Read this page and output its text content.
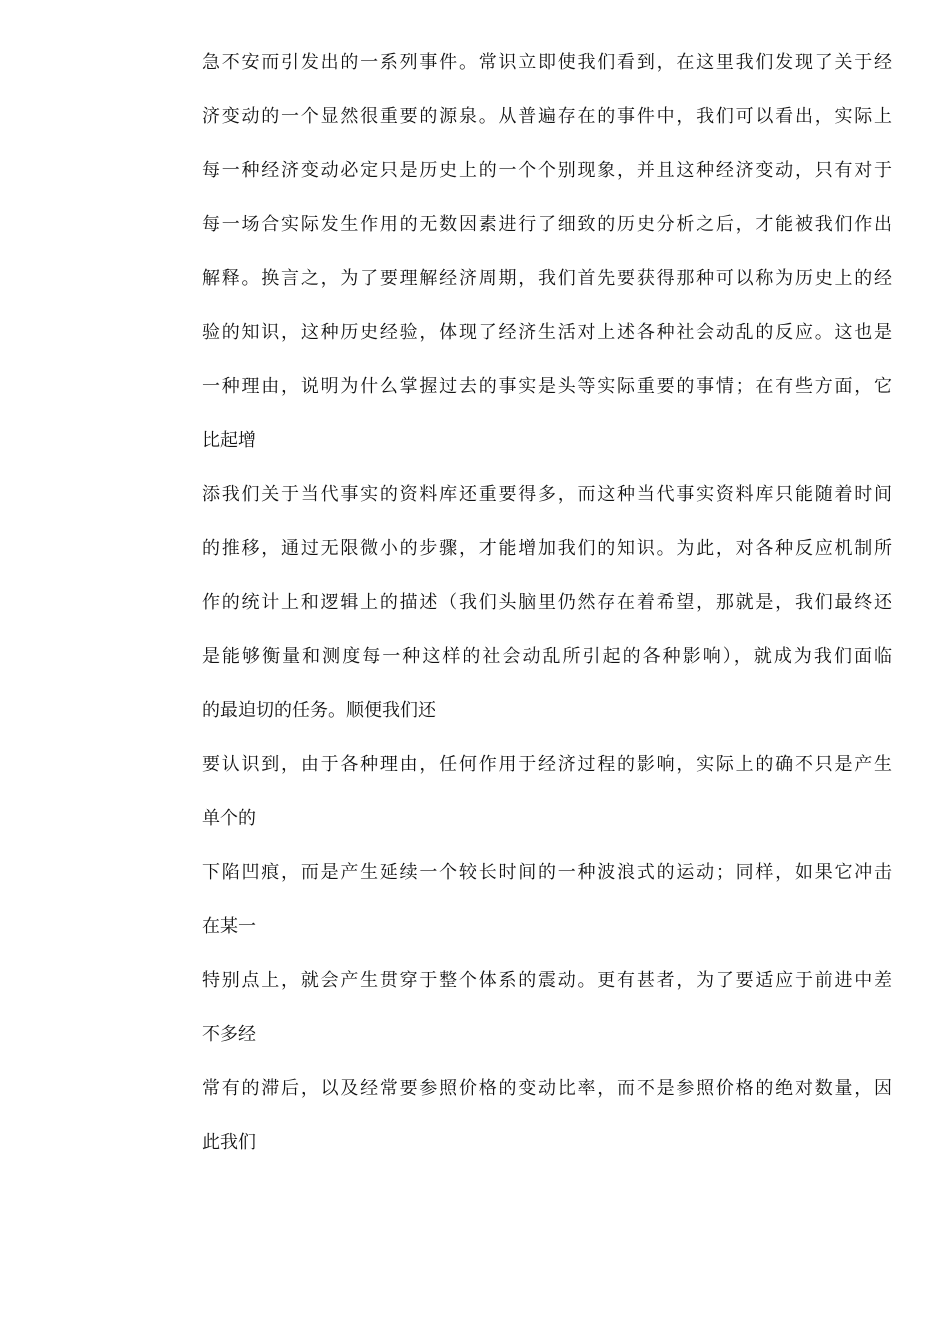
急不安而引发出的一系列事件。常识立即使我们看到，在这里我们发现了关于经
济变动的一个显然很重要的源泉。从普遍存在的事件中，我们可以看出，实际上
每一种经济变动必定只是历史上的一个个别现象，并且这种经济变动，只有对于
每一场合实际发生作用的无数因素进行了细致的历史分析之后，才能被我们作出
解释。换言之，为了要理解经济周期，我们首先要获得那种可以称为历史上的经
验的知识，这种历史经验，体现了经济生活对上述各种社会动乱的反应。这也是
一种理由，说明为什么掌握过去的事实是头等实际重要的事情；在有些方面，它
比起增
添我们关于当代事实的资料库还重要得多，而这种当代事实资料库只能随着时间
的推移，通过无限微小的步骤，才能增加我们的知识。为此，对各种反应机制所
作的统计上和逻辑上的描述（我们头脑里仍然存在着希望，那就是，我们最终还
是能够衡量和测度每一种这样的社会动乱所引起的各种影响），就成为我们面临
的最迫切的任务。顺便我们还
要认识到，由于各种理由，任何作用于经济过程的影响，实际上的确不只是产生
单个的
下陷凹痕，而是产生延续一个较长时间的一种波浪式的运动；同样，如果它冲击
在某一
特别点上，就会产生贯穿于整个体系的震动。更有甚者，为了要适应于前进中差
不多经
常有的滞后，以及经常要参照价格的变动比率，而不是参照价格的绝对数量，因
此我们
